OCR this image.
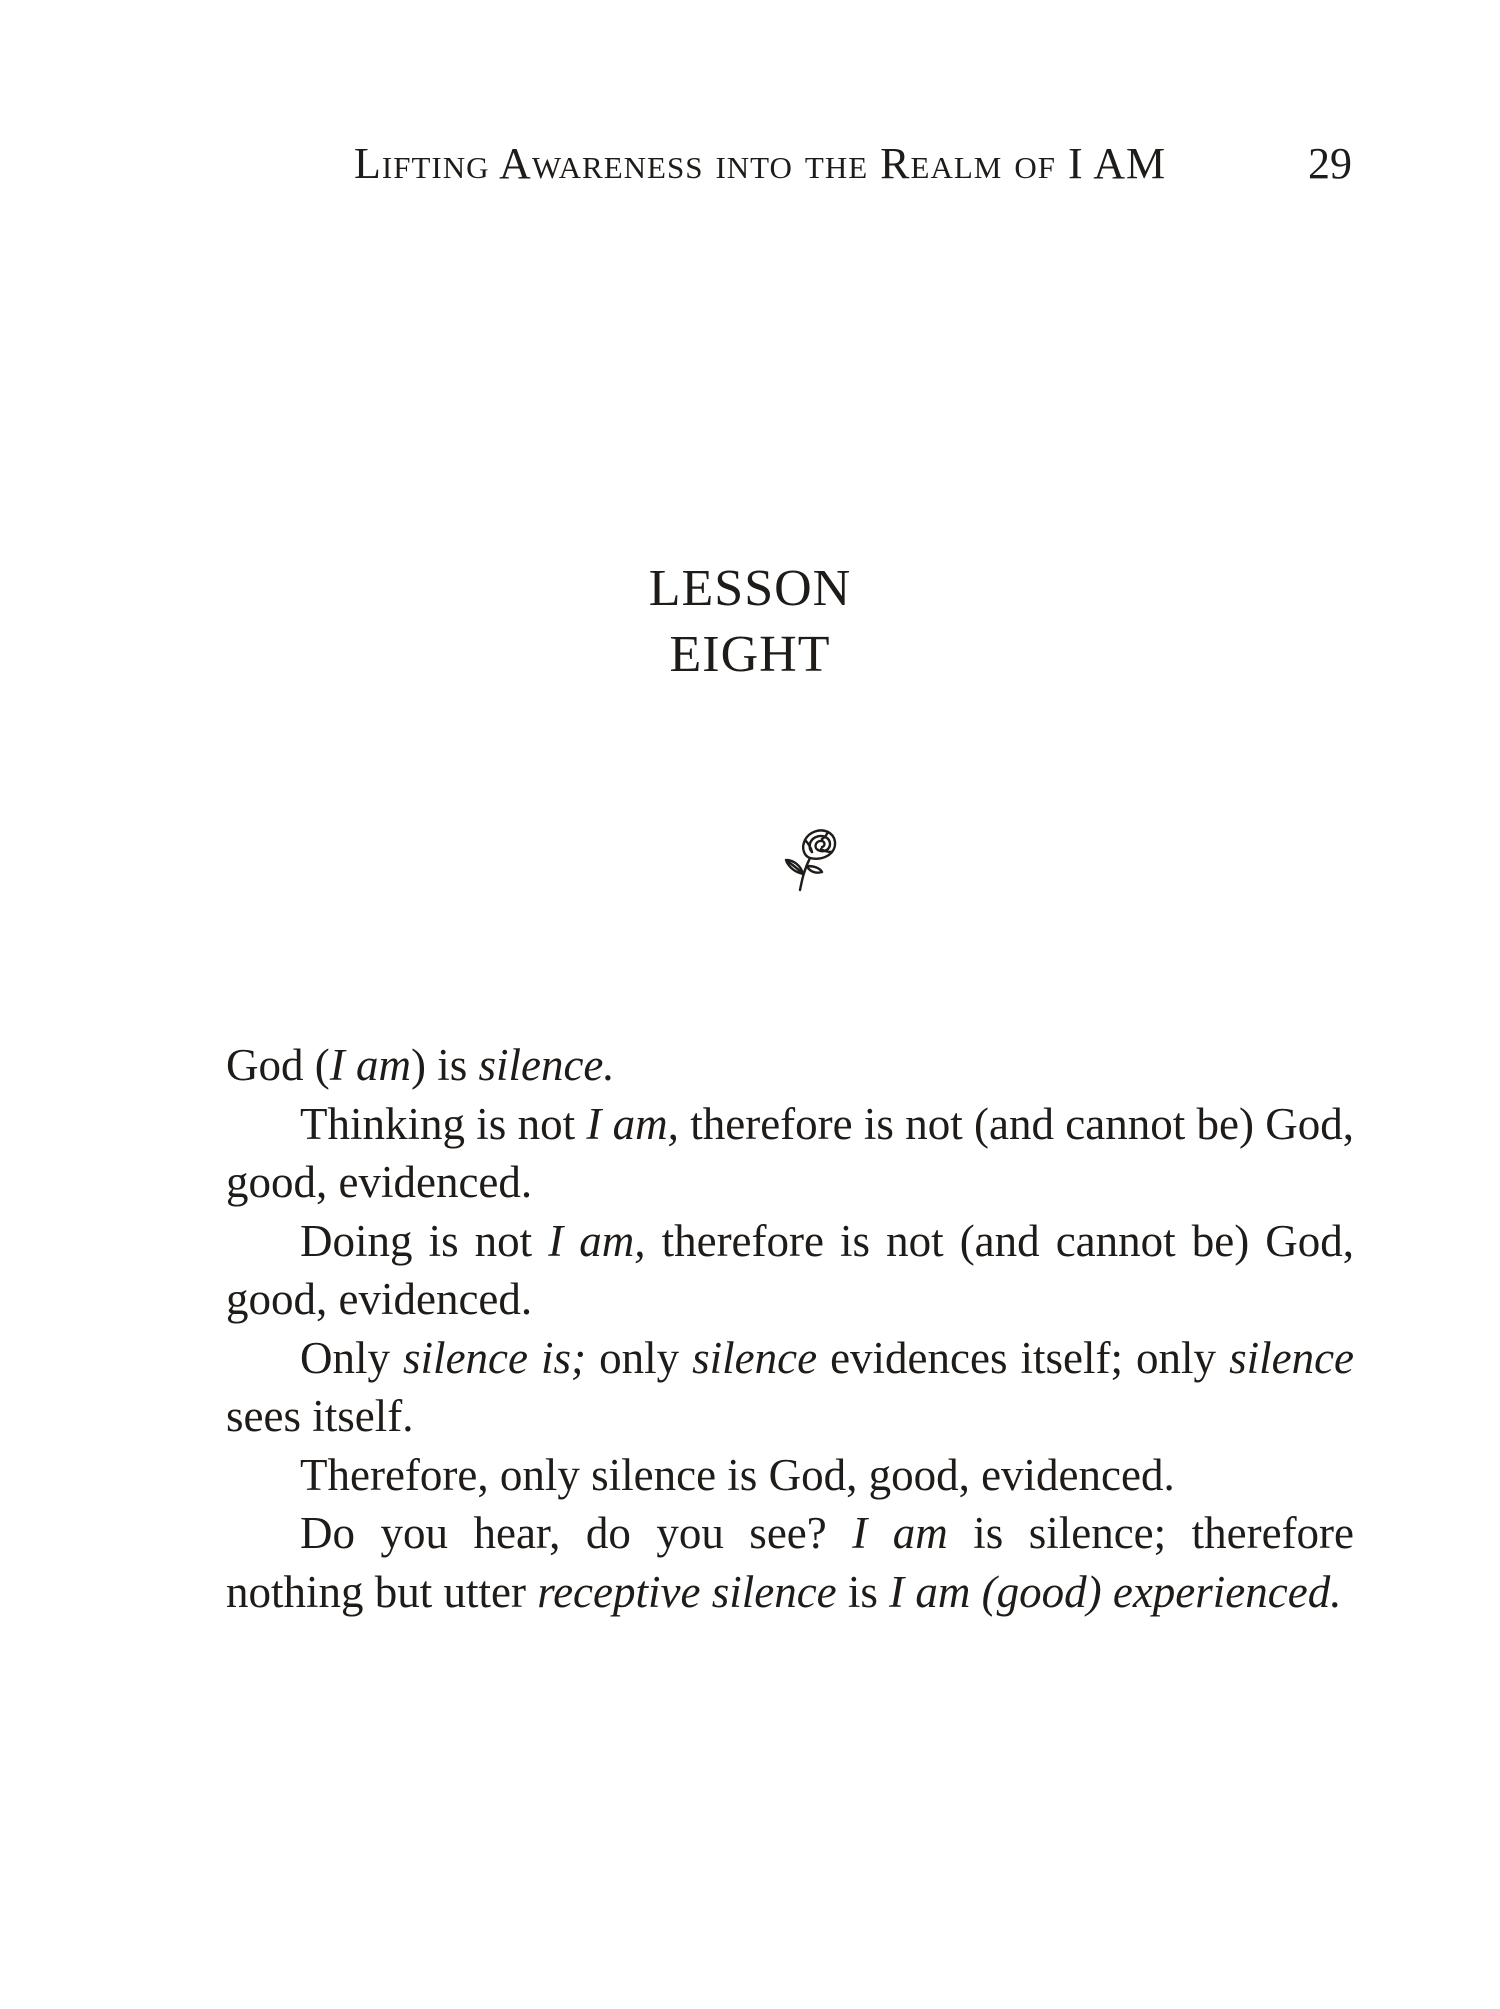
Lifting Awareness into the Realm of I AM	29
LESSON
EIGHT

God (I am) is silence.

Thinking is not I am, therefore is not (and cannot be) God, good, evidenced.

Doing is not I am, therefore is not (and cannot be) God, good, evidenced.

Only silence is; only silence evidences itself; only silence sees itself.

Therefore, only silence is God, good, evidenced.

Do you hear, do you see? I am is silence; therefore nothing but utter receptive silence is I am (good) experienced.
